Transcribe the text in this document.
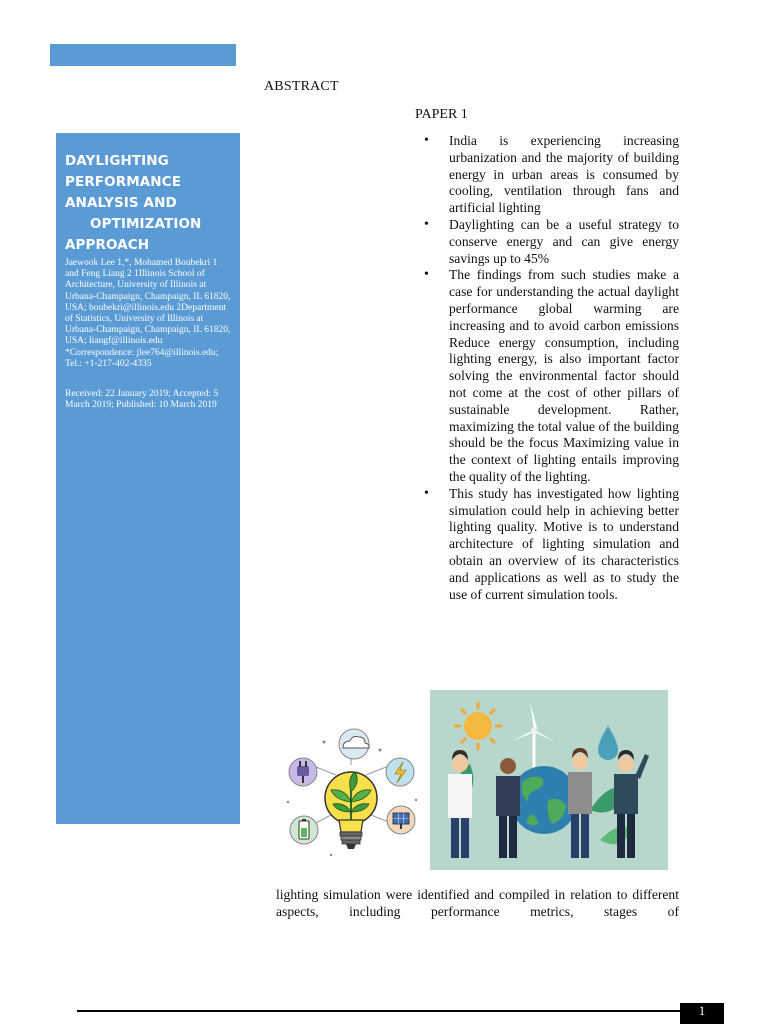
ABSTRACT
PAPER 1
DAYLIGHTING
PERFORMANCE
ANALYSIS AND
OPTIMIZATION
APPROACH

Jaewook Lee 1,*, Mohamed Boubekri 1 and Feng Liang 2 1Illinois School of Architecture, University of Illinois at Urbana-Champaign, Champaign, IL 61820, USA; boubekri@illinois.edu 2Department of Statistics, University of Illinois at Urbana-Champaign, Champaign, IL 61820, USA; liangf@illinois.edu *Correspondence: jlee764@illinois.edu; Tel.: +1-217-402-4335

Received: 22 January 2019; Accepted: 5 March 2019; Published: 10 March 2019

• India is experiencing increasing urbanization and the majority of building energy in urban areas is consumed by cooling, ventilation through fans and artificial lighting
• Daylighting can be a useful strategy to conserve energy and can give energy savings up to 45%
• The findings from such studies make a case for understanding the actual daylight performance global warming are increasing and to avoid carbon emissions Reduce energy consumption, including lighting energy, is also important factor solving the environmental factor should not come at the cost of other pillars of sustainable development. Rather, maximizing the total value of the building should be the focus Maximizing value in the context of lighting entails improving the quality of the lighting.
• This study has investigated how lighting simulation could help in achieving better lighting quality. Motive is to understand architecture of lighting simulation and obtain an overview of its characteristics and applications as well as to study the use of current simulation tools.

lighting simulation were identified and compiled in relation to different aspects, including performance metrics, stages of

1
